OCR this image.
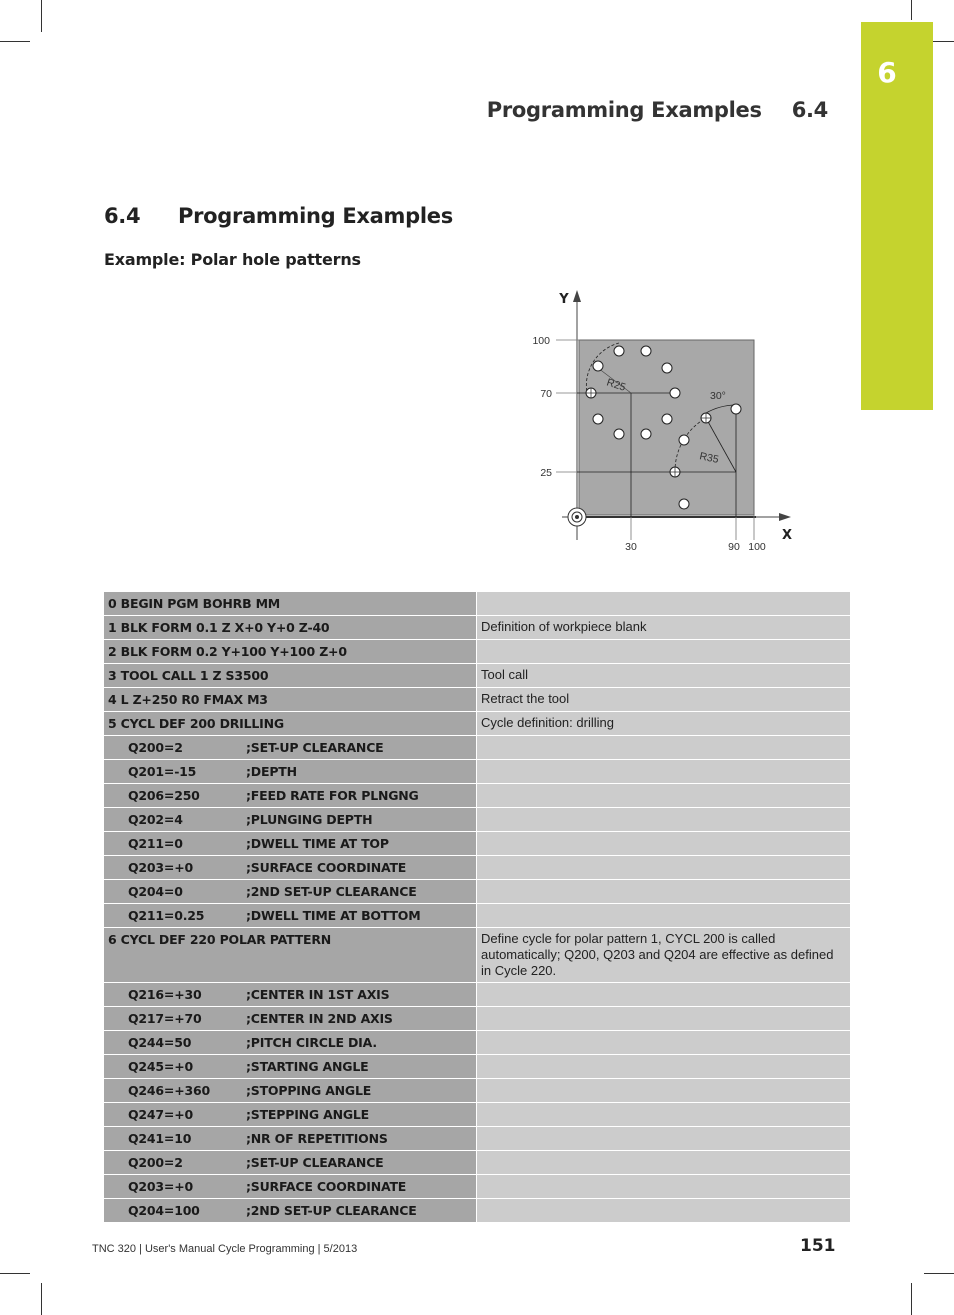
6
Programming Examples 6.4
6.4 Programming Examples
Example: Polar hole patterns
Y
X
100
70
25
30	90 100
R25
30°
R35
0 BEGIN PGM BOHRB MM
1 BLK FORM 0.1 Z X+0 Y+0 Z-40	Definition of workpiece blank
2 BLK FORM 0.2 Y+100 Y+100 Z+0
3 TOOL CALL 1 Z S3500	Tool call
4 L Z+250 R0 FMAX M3	Retract the tool
5 CYCL DEF 200 DRILLING	Cycle definition: drilling
Q200=2	;SET-UP CLEARANCE
Q201=-15	;DEPTH
Q206=250	;FEED RATE FOR PLNGNG
Q202=4	;PLUNGING DEPTH
Q211=0	;DWELL TIME AT TOP
Q203=+0	;SURFACE COORDINATE
Q204=0	;2ND SET-UP CLEARANCE
Q211=0.25	;DWELL TIME AT BOTTOM
6 CYCL DEF 220 POLAR PATTERN	Define cycle for polar pattern 1, CYCL 200 is called automatically; Q200, Q203 and Q204 are effective as defined in Cycle 220.
Q216=+30	;CENTER IN 1ST AXIS
Q217=+70	;CENTER IN 2ND AXIS
Q244=50	;PITCH CIRCLE DIA.
Q245=+0	;STARTING ANGLE
Q246=+360	;STOPPING ANGLE
Q247=+0	;STEPPING ANGLE
Q241=10	;NR OF REPETITIONS
Q200=2	;SET-UP CLEARANCE
Q203=+0	;SURFACE COORDINATE
Q204=100	;2ND SET-UP CLEARANCE
TNC 320 | User's Manual Cycle Programming | 5/2013	151
